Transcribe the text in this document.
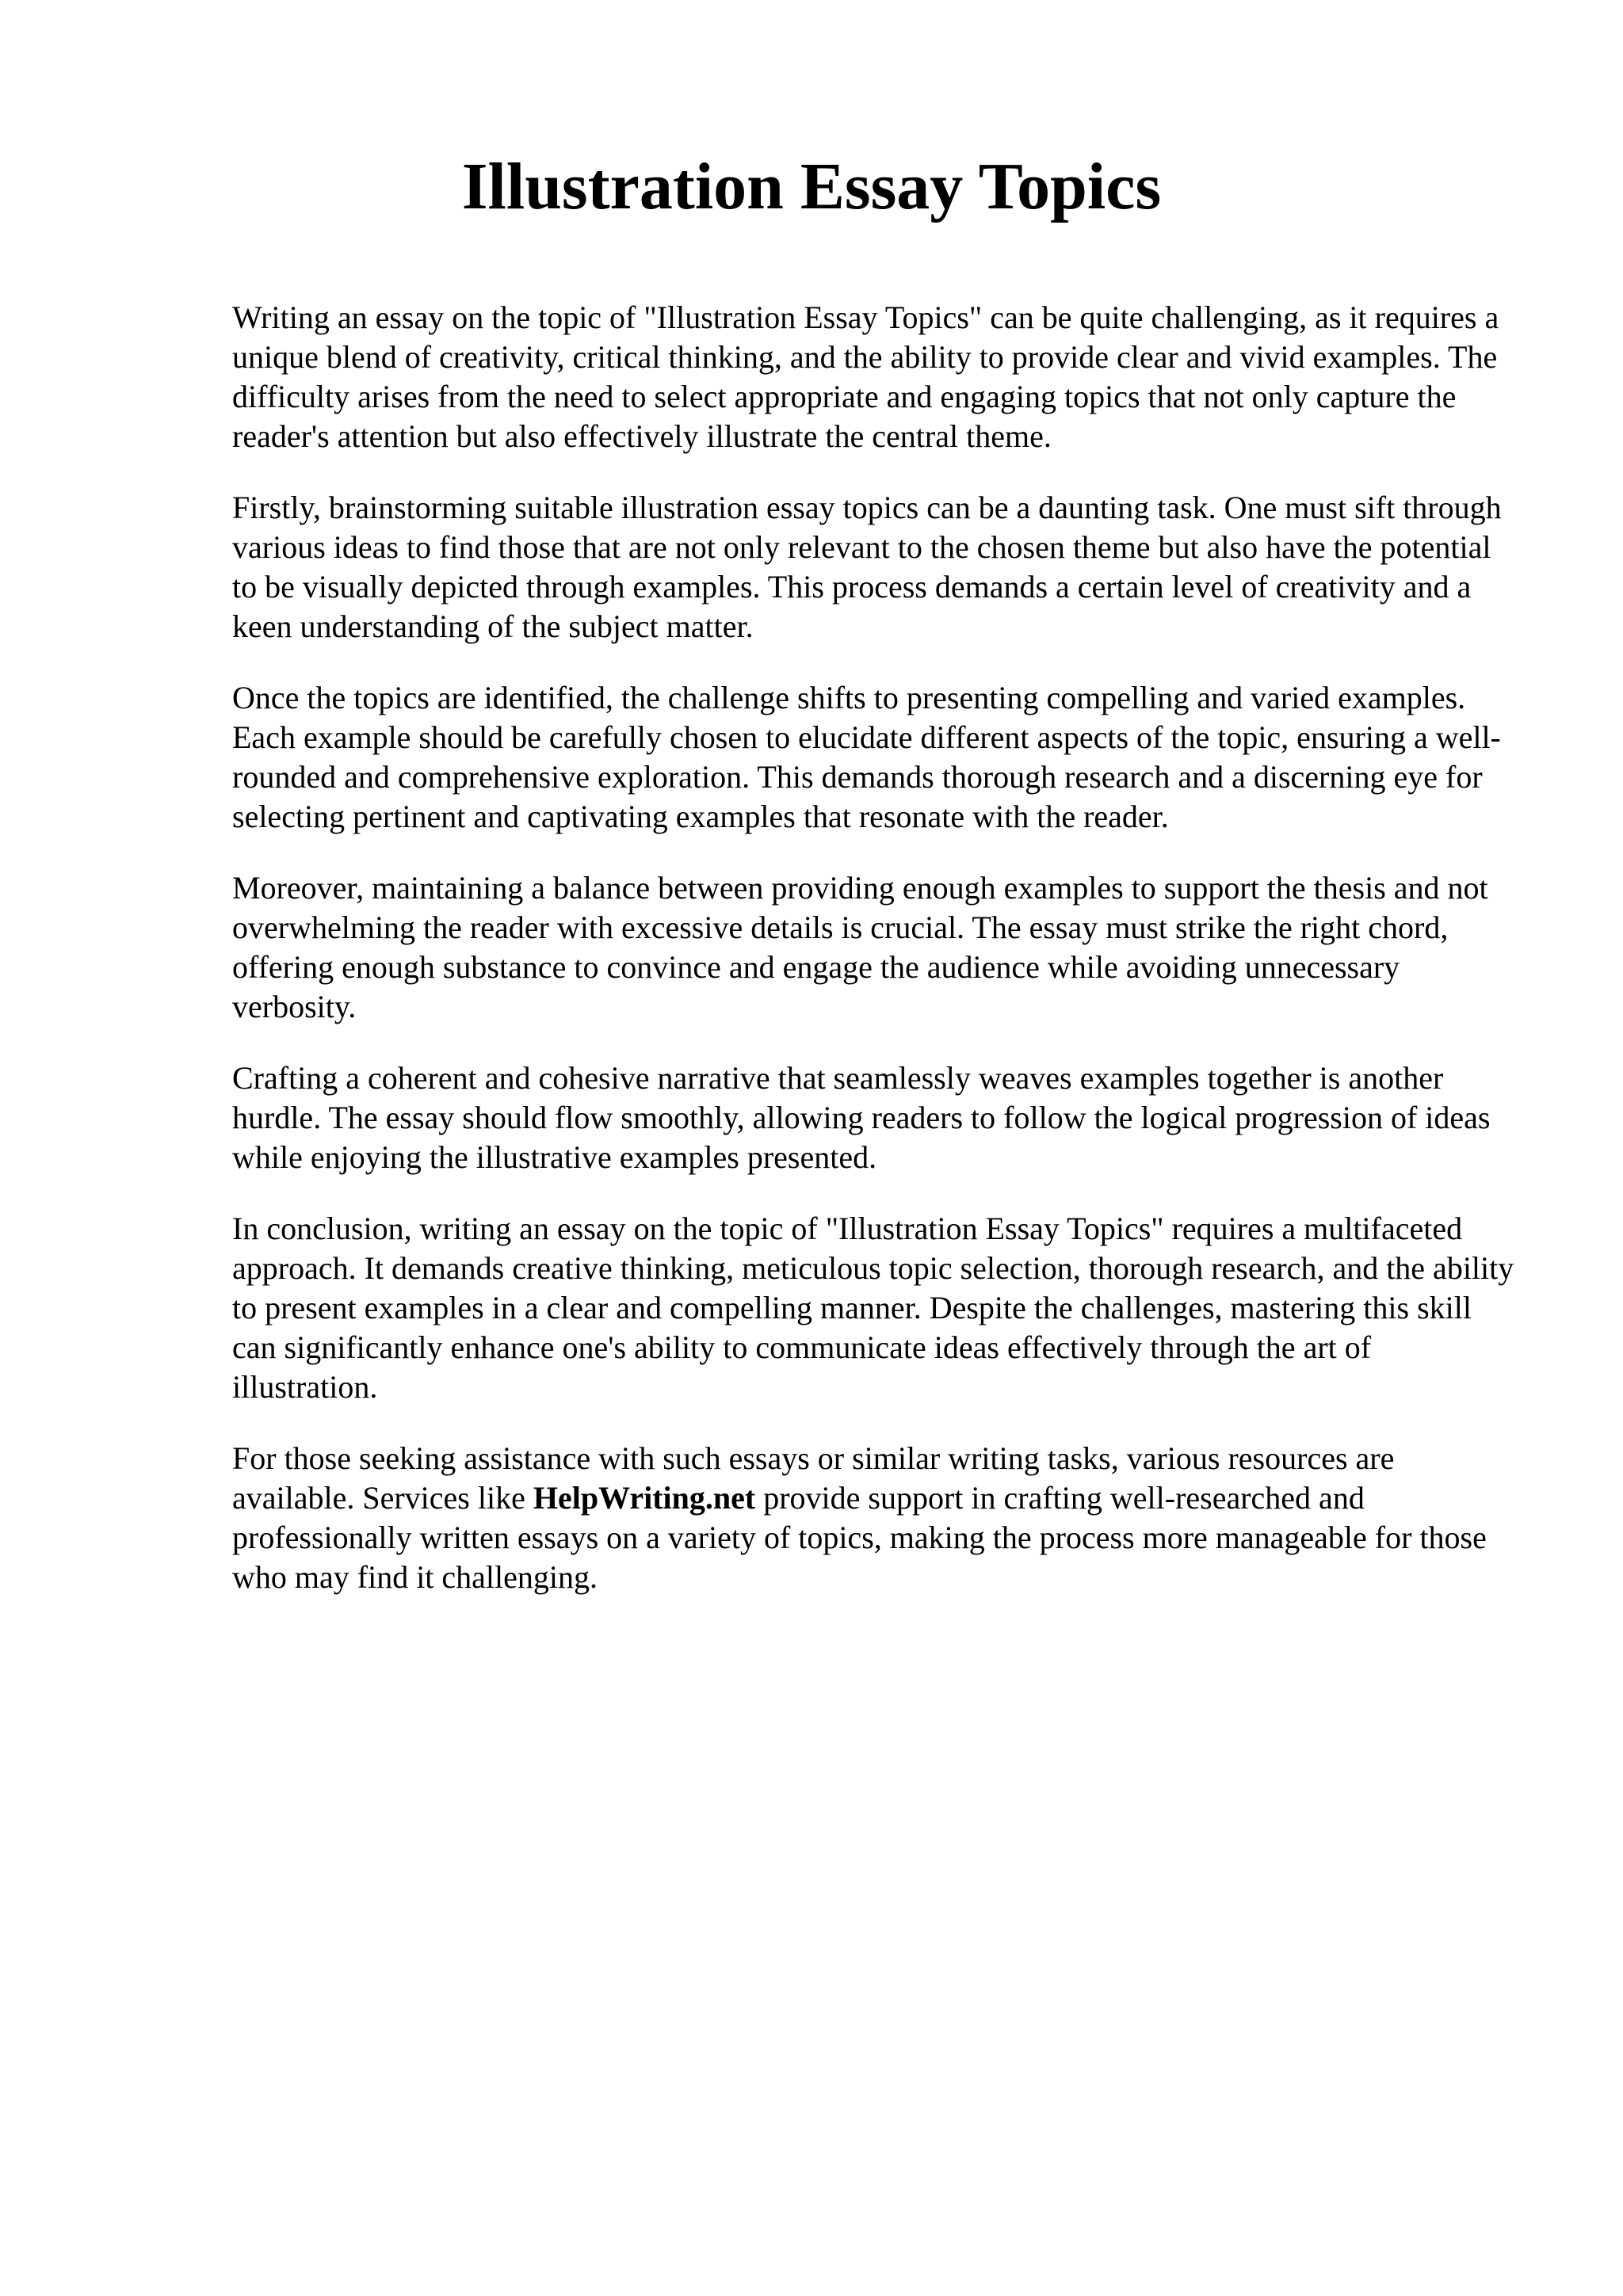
Illustration Essay Topics

Writing an essay on the topic of "Illustration Essay Topics" can be quite challenging, as it requires a unique blend of creativity, critical thinking, and the ability to provide clear and vivid examples. The difficulty arises from the need to select appropriate and engaging topics that not only capture the reader's attention but also effectively illustrate the central theme.

Firstly, brainstorming suitable illustration essay topics can be a daunting task. One must sift through various ideas to find those that are not only relevant to the chosen theme but also have the potential to be visually depicted through examples. This process demands a certain level of creativity and a keen understanding of the subject matter.

Once the topics are identified, the challenge shifts to presenting compelling and varied examples. Each example should be carefully chosen to elucidate different aspects of the topic, ensuring a well-rounded and comprehensive exploration. This demands thorough research and a discerning eye for selecting pertinent and captivating examples that resonate with the reader.

Moreover, maintaining a balance between providing enough examples to support the thesis and not overwhelming the reader with excessive details is crucial. The essay must strike the right chord, offering enough substance to convince and engage the audience while avoiding unnecessary verbosity.

Crafting a coherent and cohesive narrative that seamlessly weaves examples together is another hurdle. The essay should flow smoothly, allowing readers to follow the logical progression of ideas while enjoying the illustrative examples presented.

In conclusion, writing an essay on the topic of "Illustration Essay Topics" requires a multifaceted approach. It demands creative thinking, meticulous topic selection, thorough research, and the ability to present examples in a clear and compelling manner. Despite the challenges, mastering this skill can significantly enhance one's ability to communicate ideas effectively through the art of illustration.

For those seeking assistance with such essays or similar writing tasks, various resources are available. Services like HelpWriting.net provide support in crafting well-researched and professionally written essays on a variety of topics, making the process more manageable for those who may find it challenging.
